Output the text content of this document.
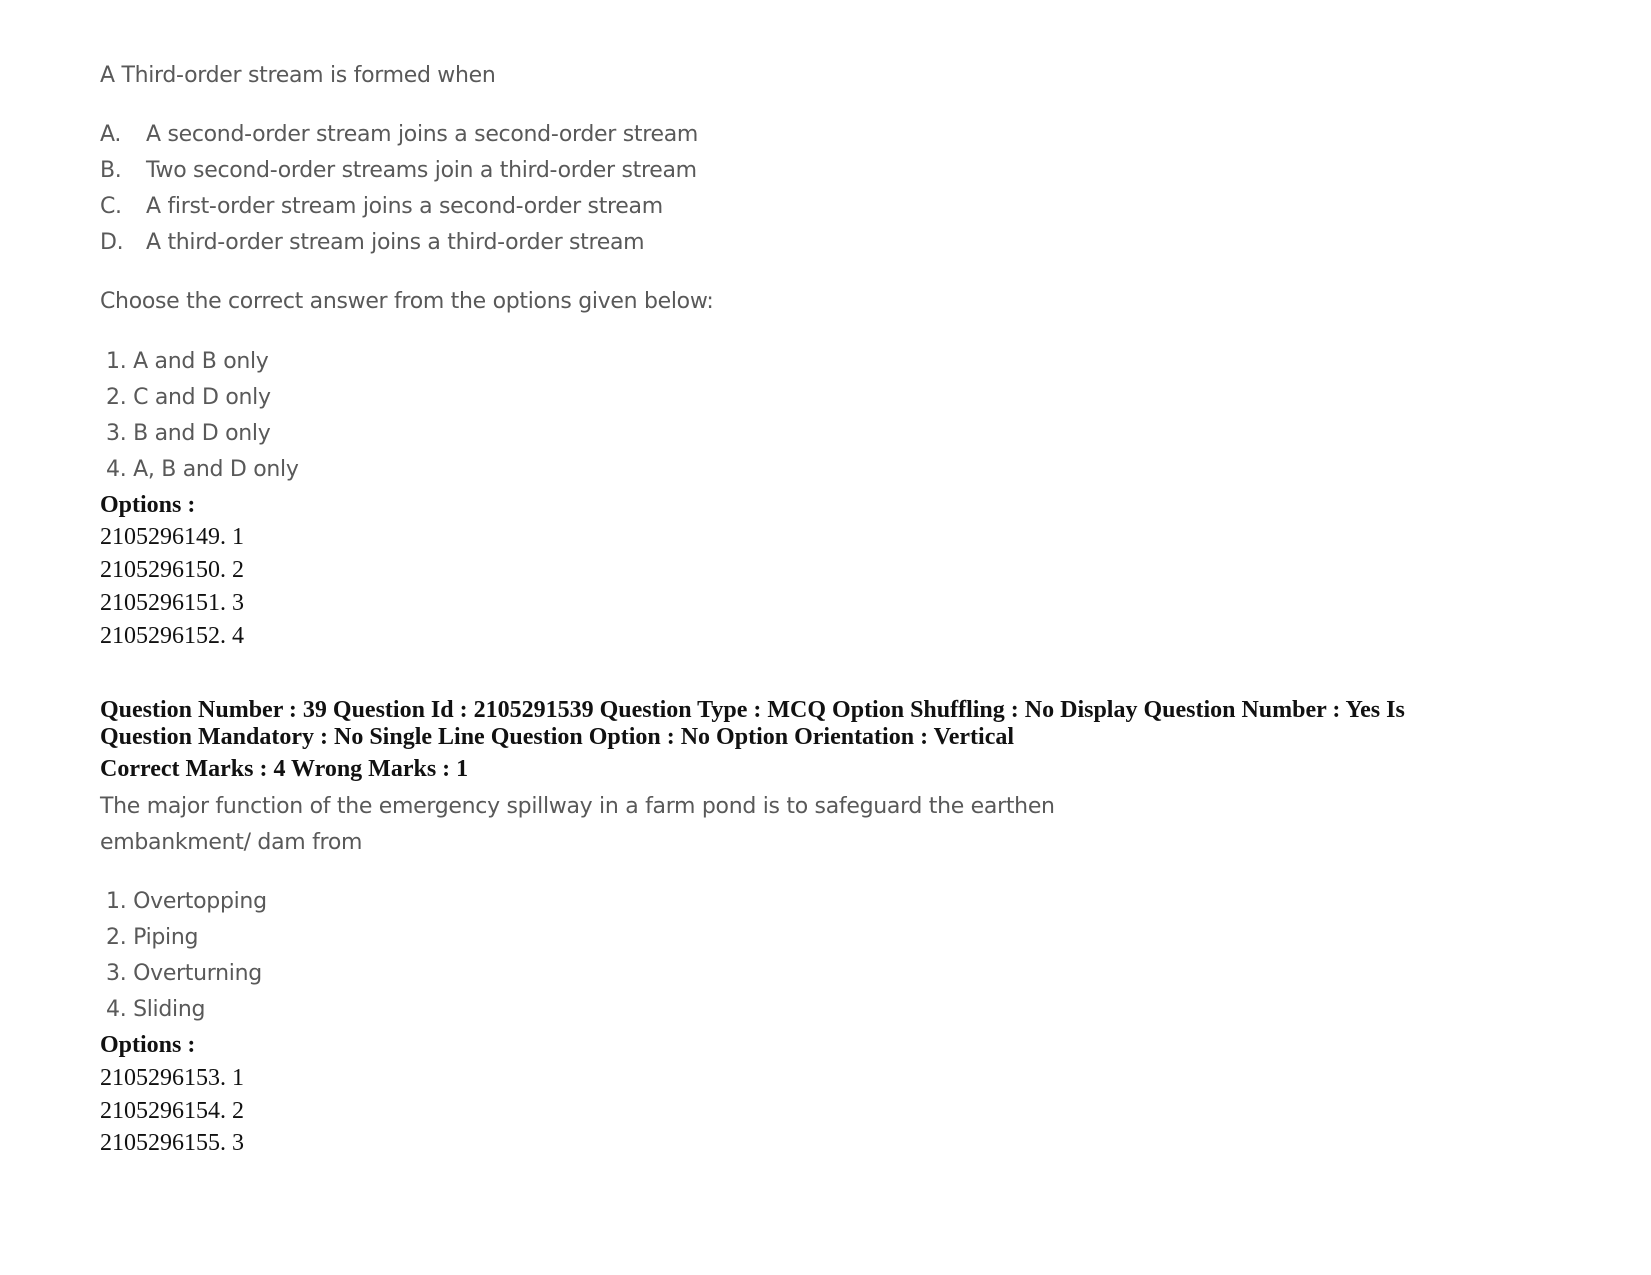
A Third-order stream is formed when
A. A second-order stream joins a second-order stream
B. Two second-order streams join a third-order stream
C. A first-order stream joins a second-order stream
D. A third-order stream joins a third-order stream
Choose the correct answer from the options given below:
1. A and B only
2. C and D only
3. B and D only
4. A, B and D only
Options :
2105296149. 1
2105296150. 2
2105296151. 3
2105296152. 4
Question Number : 39 Question Id : 2105291539 Question Type : MCQ Option Shuffling : No Display Question Number : Yes Is
Question Mandatory : No Single Line Question Option : No Option Orientation : Vertical
Correct Marks : 4 Wrong Marks : 1
The major function of the emergency spillway in a farm pond is to safeguard the earthen
embankment/ dam from
1. Overtopping
2. Piping
3. Overturning
4. Sliding
Options :
2105296153. 1
2105296154. 2
2105296155. 3
